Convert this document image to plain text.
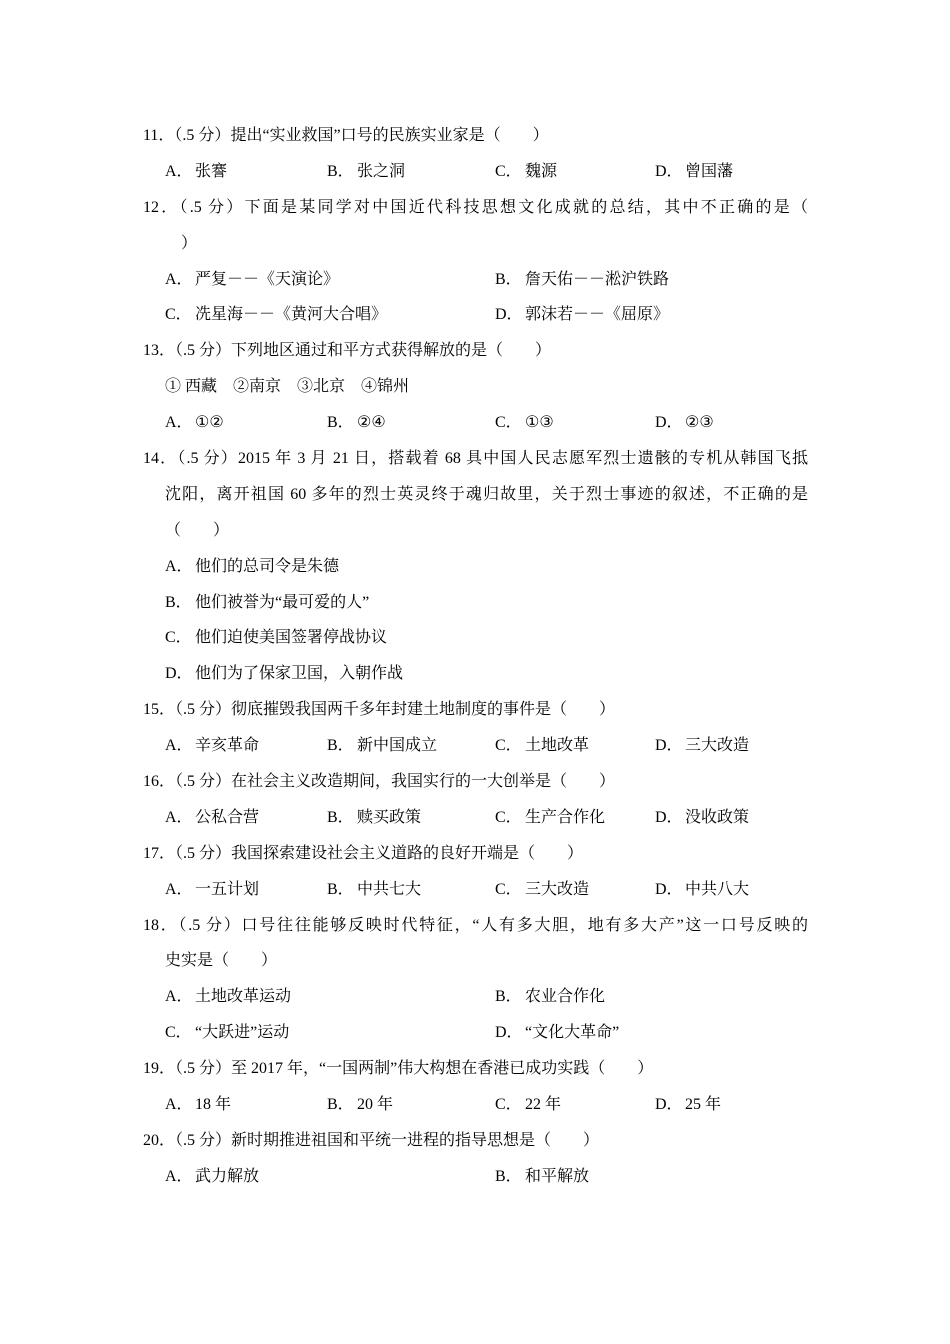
11．（.5 分）提出“实业救国”口号的民族实业家是（　　）
A． 张謇	B． 张之洞	C． 魏源	D． 曾国藩
12．（.5 分）下面是某同学对中国近代科技思想文化成就的总结，其中不正确的是（
　）
A． 严复－－《天演论》	B． 詹天佑－－淞沪铁路
C． 冼星海－－《黄河大合唱》	D． 郭沫若－－《屈原》
13．（.5 分）下列地区通过和平方式获得解放的是（　　）
① 西藏　②南京　③北京　④锦州
A． ①②	B． ②④	C． ①③	D． ②③
14．（.5 分）2015 年 3 月 21 日，搭载着 68 具中国人民志愿军烈士遗骸的专机从韩国飞抵
沈阳，离开祖国 60 多年的烈士英灵终于魂归故里，关于烈士事迹的叙述，不正确的是
（　　）
A． 他们的总司令是朱德
B． 他们被誉为“最可爱的人”
C． 他们迫使美国签署停战协议
D． 他们为了保家卫国，入朝作战
15．（.5 分）彻底摧毁我国两千多年封建土地制度的事件是（　　）
A． 辛亥革命	B． 新中国成立	C． 土地改革	D． 三大改造
16．（.5 分）在社会主义改造期间，我国实行的一大创举是（　　）
A． 公私合营	B． 赎买政策	C． 生产合作化	D． 没收政策
17．（.5 分）我国探索建设社会主义道路的良好开端是（　　）
A． 一五计划	B． 中共七大	C． 三大改造	D． 中共八大
18．（.5 分）口号往往能够反映时代特征，“人有多大胆，地有多大产”这一口号反映的
史实是（　　）
A． 土地改革运动	B． 农业合作化
C． “大跃进”运动	D． “文化大革命”
19．（.5 分）至 2017 年，“一国两制”伟大构想在香港已成功实践（　　）
A． 18 年	B． 20 年	C． 22 年	D． 25 年
20．（.5 分）新时期推进祖国和平统一进程的指导思想是（　　）
A． 武力解放	B． 和平解放
